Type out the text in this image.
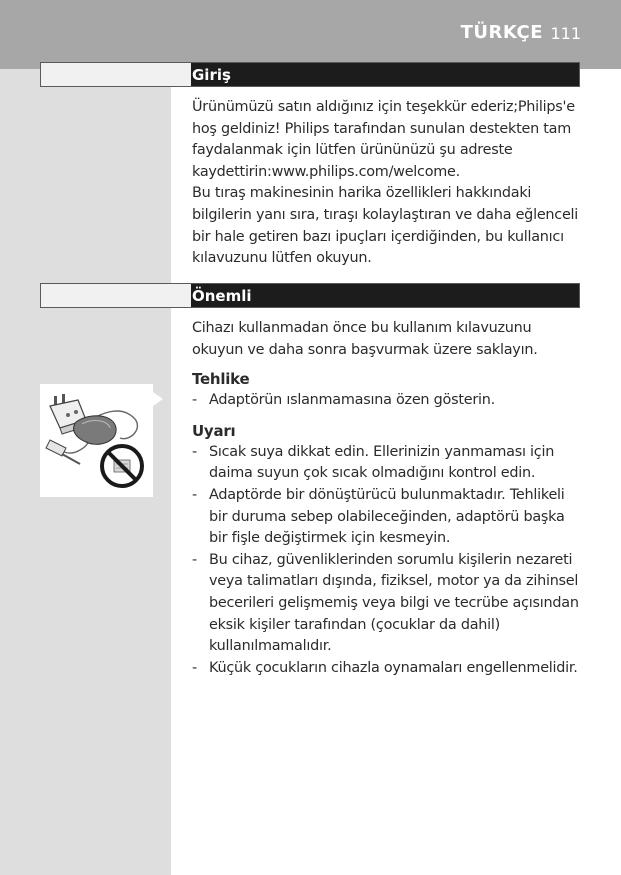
TÜRKÇE 111
Giriş

Ürünümüzü satın aldığınız için teşekkür ederiz;Philips'e hoş geldiniz! Philips tarafından sunulan destekten tam faydalanmak için lütfen ürününüzü şu adreste kaydettirin:www.philips.com/welcome.

Bu tıraş makinesinin harika özellikleri hakkındaki bilgilerin yanı sıra, tıraşı kolaylaştıran ve daha eğlenceli bir hale getiren bazı ipuçları içerdiğinden, bu kullanıcı kılavuzunu lütfen okuyun.

Önemli

Cihazı kullanmadan önce bu kullanım kılavuzunu okuyun ve daha sonra başvurmak üzere saklayın.

Tehlike

- Adaptörün ıslanmamasına özen gösterin.

Uyarı

- Sıcak suya dikkat edin. Ellerinizin yanmaması için daima suyun çok sıcak olmadığını kontrol edin.

- Adaptörde bir dönüştürücü bulunmaktadır. Tehlikeli bir duruma sebep olabileceğinden, adaptörü başka bir fişle değiştirmek için kesmeyin.

- Bu cihaz, güvenliklerinden sorumlu kişilerin nezareti veya talimatları dışında, fiziksel, motor ya da zihinsel becerileri gelişmemiş veya bilgi ve tecrübe açısından eksik kişiler tarafından (çocuklar da dahil) kullanılmamalıdır.

- Küçük çocukların cihazla oynamaları engellenmelidir.
